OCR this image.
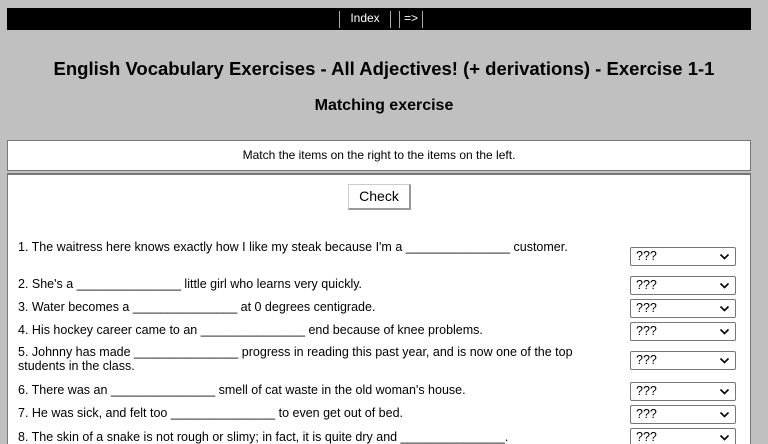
Index	=>
English Vocabulary Exercises - All Adjectives! (+ derivations) - Exercise 1-1
Matching exercise
Match the items on the right to the items on the left.
Check
1. The waitress here knows exactly how I like my steak because I'm a _______________ customer.
???
2. She's a _______________ little girl who learns very quickly.	???
3. Water becomes a _______________ at 0 degrees centigrade.	???
4. His hockey career came to an _______________ end because of knee problems.	???
5. Johnny has made _______________ progress in reading this past year, and is now one of the top students in the class.	???
6. There was an _______________ smell of cat waste in the old woman's house.	???
7. He was sick, and felt too _______________ to even get out of bed.	???
8. The skin of a snake is not rough or slimy; in fact, it is quite dry and _______________.	???
